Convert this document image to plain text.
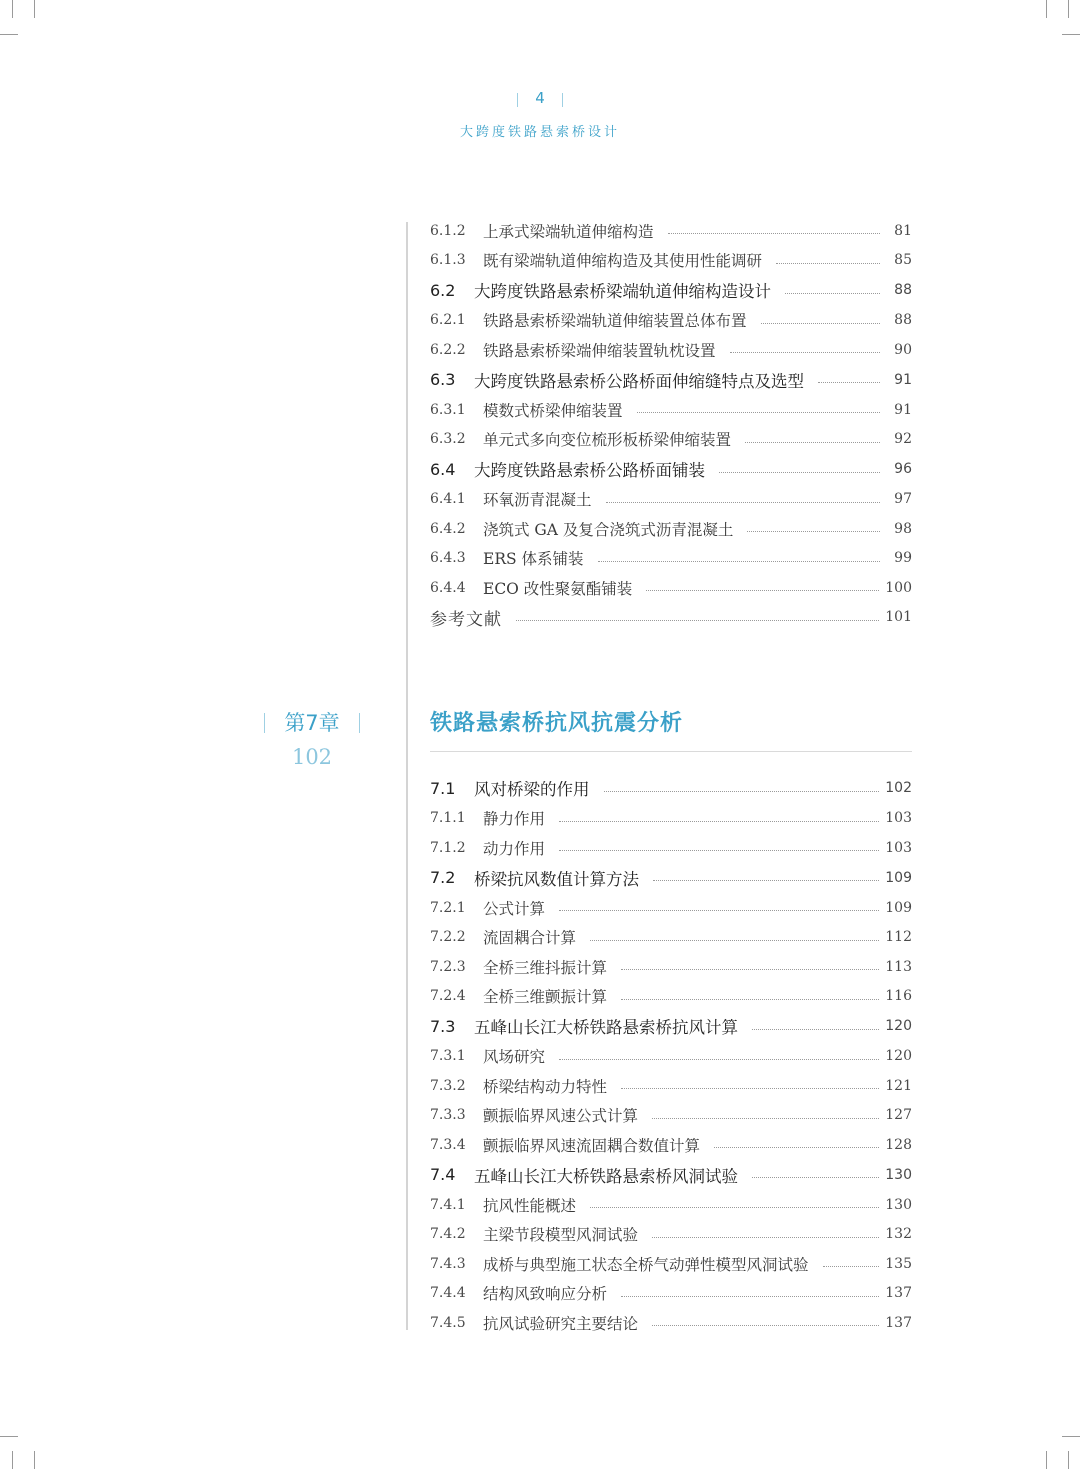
4
大跨度铁路悬索桥设计
6.1.2	上承式梁端轨道伸缩构造	81
6.1.3	既有梁端轨道伸缩构造及其使用性能调研	85
6.2	大跨度铁路悬索桥梁端轨道伸缩构造设计	88
6.2.1	铁路悬索桥梁端轨道伸缩装置总体布置	88
6.2.2	铁路悬索桥梁端伸缩装置轨枕设置	90
6.3	大跨度铁路悬索桥公路桥面伸缩缝特点及选型	91
6.3.1	模数式桥梁伸缩装置	91
6.3.2	单元式多向变位梳形板桥梁伸缩装置	92
6.4	大跨度铁路悬索桥公路桥面铺装	96
6.4.1	环氧沥青混凝土	97
6.4.2	浇筑式 GA 及复合浇筑式沥青混凝土	98
6.4.3	ERS 体系铺装	99
6.4.4	ECO 改性聚氨酯铺装	100
参考文献	101
第7章
102
铁路悬索桥抗风抗震分析
7.1	风对桥梁的作用	102
7.1.1	静力作用	103
7.1.2	动力作用	103
7.2	桥梁抗风数值计算方法	109
7.2.1	公式计算	109
7.2.2	流固耦合计算	112
7.2.3	全桥三维抖振计算	113
7.2.4	全桥三维颤振计算	116
7.3	五峰山长江大桥铁路悬索桥抗风计算	120
7.3.1	风场研究	120
7.3.2	桥梁结构动力特性	121
7.3.3	颤振临界风速公式计算	127
7.3.4	颤振临界风速流固耦合数值计算	128
7.4	五峰山长江大桥铁路悬索桥风洞试验	130
7.4.1	抗风性能概述	130
7.4.2	主梁节段模型风洞试验	132
7.4.3	成桥与典型施工状态全桥气动弹性模型风洞试验	135
7.4.4	结构风致响应分析	137
7.4.5	抗风试验研究主要结论	137
